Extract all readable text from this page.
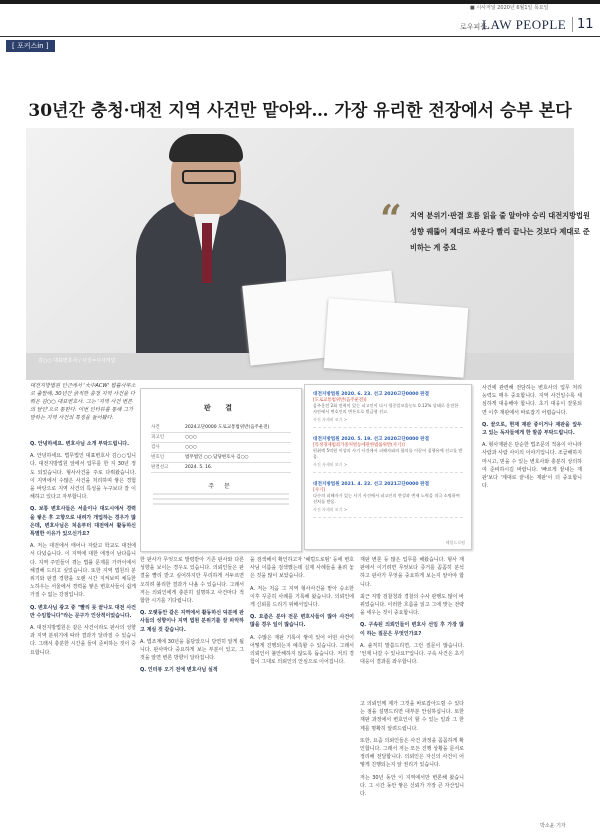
■ 시사저널 2020년 6월1일 목요일
로우피플
LAW PEOPLE 11
[ 포커스in ]
30년간 충청·대전 지역 사건만 맡아와… 가장 유리한 전장에서 승부 본다
김○○ 대표변호사 / 사진=시사저널
“ 지역 분위기·판결 흐름 읽을 줄 알아야 승리 대전지방법원 성향 꿰뚫어 제대로 싸운다 빨리 끝나는 것보다 제대로 준비하는 게 중요
대전지방법원 인근에서 '大中ACW' 법률사무소로 출발해, 30년간 굵직한 충청 지역 사건을 다뤄온 김○○ 대표변호사. 그는 '지역 사건 변론의 달인'으로 통한다. 이번 인터뷰를 통해 그가 말하는 지역 사건의 특징을 들어봤다.
판 결
사건	2024고단0000 도로교통법위반(음주운전)
피고인	○○○
검사	○○○
변호인	법무법인 ○○ 담당변호사 김○○
판결선고	2024. 5. 16.
주 문
대전지방법원 2020. 6. 23. 선고 2020고단0000 판결
[도로교통법위반(음주운전)]
음주운전 2회 전력이 있는 피고인이 다시 혈중알코올농도 0.12% 상태로 운전한 사안에서 변호인의 변론으로 벌금형 선고.
사건 자세히 보기 >
대전지방법원 2020. 5. 19. 선고 2020고단0000 판결
[특정경제범죄가중처벌등에관한법률위반(사기)]
편취액 5억원 이상의 사기 사건에서 피해자와의 합의를 이끌어 집행유예 선고를 받음.
사건 자세히 보기 >
대전지방법원 2021. 4. 22. 선고 2021고단0000 판결
[사기]
다수의 피해자가 있는 사기 사건에서 피고인의 반성과 변제 노력을 적극 소명하여 선처를 받음.
사건 자세히 보기 >
헤럴드로펌

Q. 안녕하세요. 변호사님 소개 부탁드립니다.

A. 안녕하세요. 법무법인 대표변호사 김○○입니다. 대전지방법원 앞에서 업무를 한 지 30년 정도 되었습니다. 형사사건을 주로 다뤄왔습니다. 이 지역에서 수많은 사건을 처리하며 쌓은 경험을 바탕으로 지역 사건의 특성을 누구보다 잘 이해하고 있다고 자부합니다.

Q. 보통 변호사들은 서울이나 대도시에서 경력을 쌓은 후 고향으로 내려가 개업하는 경우가 많은데, 변호사님은 처음부터 대전에서 활동하신 특별한 이유가 있으신가요?

A. 저는 대전에서 태어나 자랐고 학교도 대전에서 다녔습니다. 이 지역에 대한 애정이 남다릅니다. 지역 주민들이 겪는 법률 문제를 가까이에서 해결해 드리고 싶었습니다. 또한 지역 법원의 분위기와 판결 경향을 오랜 시간 지켜보며 체득한 노하우는 서울에서 경력을 쌓은 변호사들이 쉽게 가질 수 없는 강점입니다.

Q. 변호사님 광고 중 "빨리 못 끝나도 대전 사건만 수임합니다"라는 문구가 인상적이었습니다.

A. 대전지방법원은 같은 사건이라도 판사의 성향과 지역 분위기에 따라 결과가 달라질 수 있습니다. 그래서 충분한 시간을 들여 준비하는 것이 중요합니다.

한 판사가 무엇으로 발령받아 기존 판사와 다른 성향을 보이는 경우도 있습니다. 의뢰인들은 판결을 빨리 받고 싶어하지만 무리하게 서두르면 오히려 불리한 결과가 나올 수 있습니다. 그래서 저는 의뢰인에게 충분히 설명하고 사건마다 적합한 시기를 기다립니다.

Q. 오랫동안 같은 지역에서 활동하신 덕분에 판사들의 성향이나 지역 법원 분위기를 잘 파악하고 계실 것 같습니다.

A. 법조계에 30년을 몸담았으니 당연히 알게 됩니다. 판사마다 중요하게 보는 부분이 있고, 그것을 알면 변론 방향이 달라집니다.

Q. 인터뷰 오기 전에 변호사님 실적

을 검색해서 확인하고자 '헤럴드로펌' 등에 변호사님 이름을 검색했는데 실제 사례들을 올려 놓은 것을 많이 보았습니다.

A. 저는 처음 그 지역 형사사건을 맡아 승소한 이후 꾸준히 사례를 기록해 왔습니다. 의뢰인에게 신뢰를 드리기 위해서입니다.

Q. 요즘은 분야 전문 변호사들이 많아 사건이 많을 경우 일이 많습니다.

A. 수많은 재판 기록이 쌓여 있어 어떤 사건이 어떻게 진행되는지 예측할 수 있습니다. 그래서 의뢰인이 불안해하지 않도록 돕습니다. 저의 경험이 그대로 의뢰인의 안심으로 이어집니다.

재판 변론 등 많은 업무를 해왔습니다. 형사 재판에서 이기려면 무엇보다 증거를 꼼꼼히 분석하고 판사가 무엇을 중요하게 보는지 알아야 합니다.

최근 지방 검찰청과 경찰의 수사 관행도 많이 바뀌었습니다. 이러한 흐름을 읽고 그에 맞는 전략을 세우는 것이 중요합니다.

Q. 구속된 의뢰인들이 변호사 선임 후 가장 많이 하는 질문은 무엇인가요?

A. 솔직히 말씀드리면, 그런 질문이 많습니다. '언제 나갈 수 있나요?'입니다. 구속 사건은 초기 대응이 결과를 좌우합니다.

사건에 관련해 전담하는 변호사의 업무 처리 능력도 매우 중요합니다. 지역 사건일수록 세심하게 대응해야 합니다. 초기 대응이 잘못되면 이후 재판에서 바로잡기 어렵습니다.

Q. 끝으로, 현재 재판 중이거나 재판을 앞두고 있는 독자들에게 한 말씀 부탁드립니다.

A. 형사재판은 단순한 법조문의 적용이 아니라 사람과 사람 사이의 이야기입니다. 조급해하지 마시고, 믿을 수 있는 변호사와 충분히 상의하여 준비하시길 바랍니다. '빠르게 끝내는 재판'보다 '제대로 끝내는 재판'이 더 중요합니다.

박소윤 기자

고 의뢰인께 제가 그것을 바로잡아드릴 수 있다는 점을 설명드리면 대부분 안심하십니다. 또한 재판 과정에서 변호인이 할 수 있는 일과 그 한계를 명확히 알려드립니다.

또한, 요즘 의뢰인들은 사건 과정을 꼼꼼하게 확인합니다. 그래서 저는 모든 진행 상황을 문서로 정리해 전달합니다. 의뢰인은 자신의 사건이 어떻게 진행되는지 알 권리가 있습니다.

저는 30년 동안 이 지역에서만 변론해 왔습니다. 그 시간 동안 쌓은 신뢰가 가장 큰 자산입니다.
